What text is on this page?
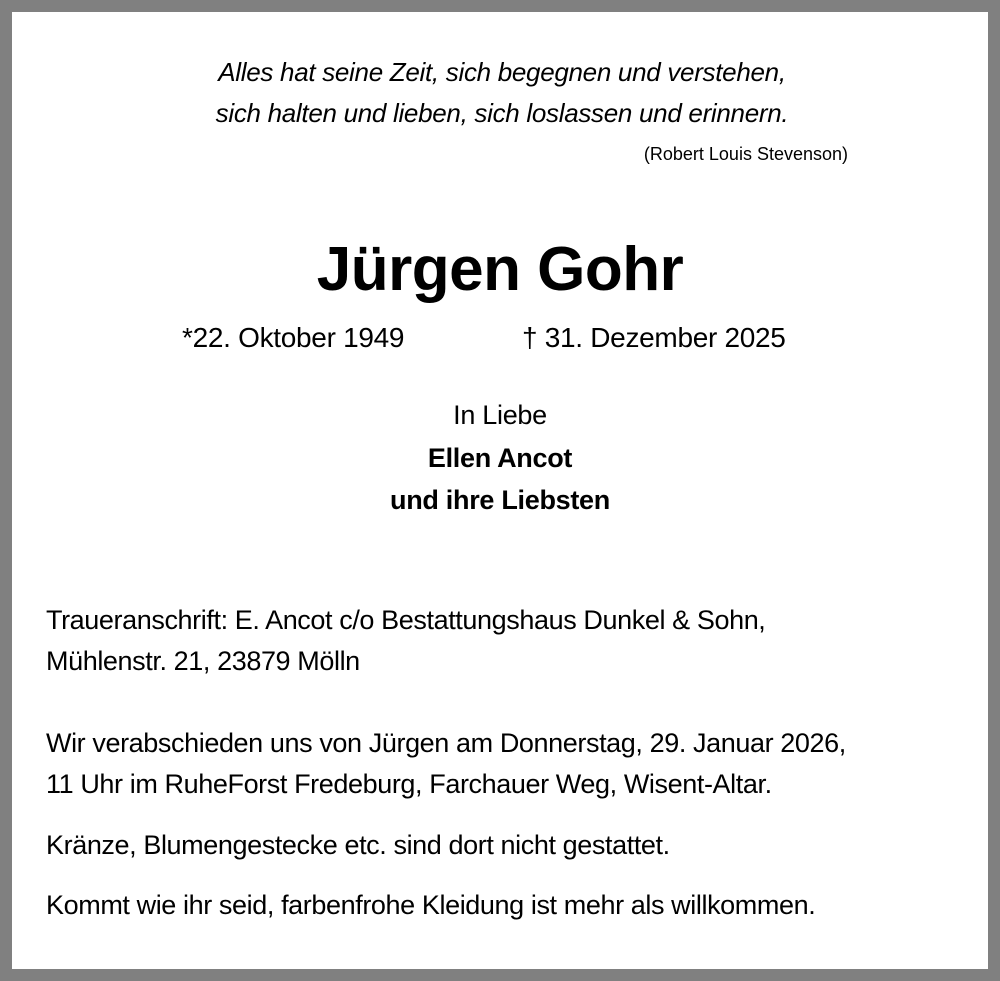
Alles hat seine Zeit, sich begegnen und verstehen,
sich halten und lieben, sich loslassen und erinnern.
(Robert Louis Stevenson)
Jürgen Gohr
*22. Oktober 1949	† 31. Dezember 2025
In Liebe
Ellen Ancot
und ihre Liebsten
Traueranschrift: E. Ancot c/o Bestattungshaus Dunkel & Sohn,
Mühlenstr. 21, 23879 Mölln
Wir verabschieden uns von Jürgen am Donnerstag, 29. Januar 2026,
11 Uhr im RuheForst Fredeburg, Farchauer Weg, Wisent-Altar.
Kränze, Blumengestecke etc. sind dort nicht gestattet.
Kommt wie ihr seid, farbenfrohe Kleidung ist mehr als willkommen.
